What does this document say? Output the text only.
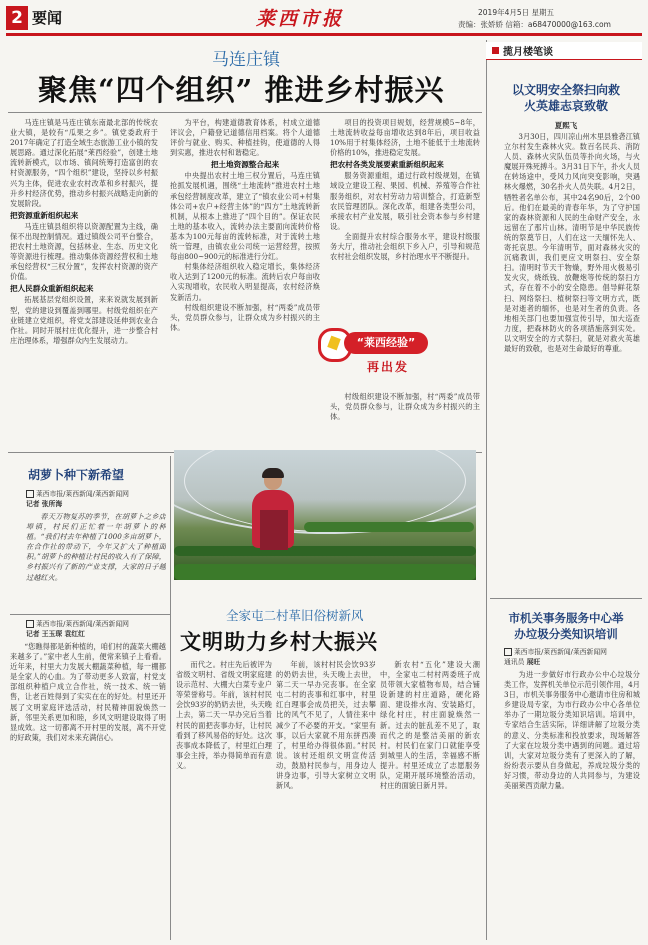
2 要闻	莱西市报	2019年4月5日 星期五
责编：张娇娇 信箱：a68470000@163.com
马连庄镇
聚焦“四个组织” 推进乡村振兴

马连庄镇是马连庄镇东南最北部的传统农业大镇，是较有“瓜果之乡”。镇党委政府于2017年确定了打造全域生态旅游工业小镇的发展思路。通过深化拓展“莱西经验”，创建土地流转新模式，以市场、镇间统筹打造富创的农村资源服务，“四个组织”建设，坚持以乡村振兴为主体，促进农业农村改革和乡村振兴，提升乡村经济优势，推动乡村振兴战略走向新的发展阶段。

把资源重新组织起来

马连庄镇县组织将以资源配置为主线，确保不出现控制情况。通过镇级公司平台整合，把农村土地资源，包括林业、生态、历史文化等资源进行梳理。推动集体资源经营权和土地承包经营权“三权分置”，发挥农村资源的资产价值。

把人民群众重新组织起来

拓展基层党组织设置，来来说就发展到新型，党的建设到覆盖到哪里。村级党组织在产业链建立党组织，将党支部建设延伸到农业合作社。同时开展村庄优化提升，进一步整合村庄治理体系，增强群众内生发展动力。

为平台，构建道德教育体系，村成立道德评议会，户籍登记道德信用档案。将个人道德评价与就业、购买、种植挂钩，使道德的人得到实惠，推进农村和谐稳定。

把土地资源整合起来

中央提出农村土地三权分置后，马连庄镇抢抓发展机遇，围绕“土地流转”推进农村土地承包经营制度改革，建立了“镇农业公司+村集体公司+农户+经营主体”的“四方”土地流转新机制，从根本上推进了“四个目的”。保证农民土地的基本收入，流转办法主要面向流转价格基本为100元每亩的流转标准，对于流转土地统一管理，由镇农业公司统一运营经营，按照每亩800~900元的标准进行分红。

村集体经济组织收入稳定增长，集体经济收入达到了1200元的标准。流转后农户每亩收入实现增收，农民收入明显提高，农村经济焕发新活力。

村级组织建设不断加强，村“两委”成员带头，党员群众参与，让群众成为乡村振兴的主体。

项目的投资项目规划，经营规模5~8年，土地流转收益每亩增收达到8年后，项目收益10%用于村集体经济，土地不能低于土地流转价格的10%，推进稳定发展。

把农村各类发展要素重新组织起来

服务资源重组，通过行政村级规划，在镇域设立建设工程、果园、机械、养殖等合作社服务组织，对农村劳动力培训整合，打造新型农民管理团队。深化改革，组建各类型公司，承接农村产业发展，吸引社会资本参与乡村建设。

全面提升农村综合服务水平，建设村级服务大厅，推动社会组织下乡入户，引导和规范农村社会组织发展，乡村治理水平不断提升。

“莱西经验”
再出发

村级组织建设不断加强，村“两委”成员带头，党员群众参与，让群众成为乡村振兴的主体。

胡萝卜种下新希望
莱西市报/莱西新闻/莱西新闻网
记者 张所海

春天万物复苏的季节，在胡萝卜之乡店埠镇，村民们正忙着一年胡萝卜的种植。“我们村去年种植了1000多亩胡萝卜，在合作社的带动下，今年又扩大了种植面积。”胡萝卜的种植让村民的收入有了保障，乡村振兴有了新的产业支撑，大家的日子越过越红火。

莱西市报/莱西新闻/莱西新闻网
记者 王玉琛 袁红红

“您瞧得都是新种植的，咱们村的蔬菜大棚越来越多了。”家中老人生前，便常来镇子上看看。近年来，村里大力发展大棚蔬菜种植，每一棚都是全家人的心血。为了带动更多人致富，村党支部组织种植户成立合作社，统一技术、统一销售，让老百姓得到了实实在在的好处。村里还开展了文明家庭评选活动，村民精神面貌焕然一新，邻里关系更加和睦，乡风文明建设取得了明显成效。这一切都离不开村里的发展，离不开党的好政策，我们对未来充满信心。

全家屯二村革旧俗树新风
文明助力乡村大振兴

而代之。村庄先后被评为省级文明村、省级文明家庭建设示范村、大棚大白菜专业户等荣誉称号。年前，该村村民会饮93岁的奶奶去世，头天晚上去，第二天一早办完后当着村民的面把丧事办好，让村民看到了移风易俗的好处。这次丧事成本降低了，村里红白理事会主持，举办得简单而有意义。

年前，该村村民会饮93岁的奶奶去世，头天晚上去世，第二天一早办完丧事。在全家屯二村的丧事和红事中，村里红白理事会成员把关，过去攀比的风气不见了，人情往来中减少了不必要的开支。“家里有事，以后大家就不用东拼西凑了，村里给办得很体面。”村民说。该村还组织文明宣传活动，鼓励村民参与，用身边人讲身边事，引导大家树立文明新风。

新农村“五化”建设大潮中，全家屯二村村两委班子成员带领大家植物布局，结合铺设新建的村庄道路，硬化路面、建设排水沟、安装路灯，绿化村庄，村庄面貌焕然一新。过去的脏乱差不见了，取而代之的是整洁美丽的新农村。村民们在家门口就能享受到城里人的生活，幸福感不断提升。村里还成立了志愿服务队，定期开展环境整治活动，村庄的面貌日新月异。

揽月楼笔谈
以文明安全祭扫向救火英雄志哀致敬
夏熙飞

3月30日，四川凉山州木里县雅砻江镇立尔村发生森林火灾。数百名民兵、消防人员、森林火灾队伍员等扑向火场，与火魔展开殊死搏斗。3月31日下午，扑火人员在转场途中，受风力风向突变影响，突遇林火爆燃，30名扑火人员失联。4月2日，牺牲者名单公布，其中24名90后，2个00后。他们在最美的青春年华，为了守护国家的森林资源和人民的生命财产安全，永远留在了那片山林。清明节是中华民族传统的祭奠节日，人们在这一天缅怀先人、寄托哀思。今年清明节，面对森林火灾的沉痛教训，我们更应文明祭扫、安全祭扫。清明时节天干物燥，野外用火极易引发火灾，烧纸钱、放鞭炮等传统的祭扫方式，存在着不小的安全隐患。倡导鲜花祭扫、网络祭扫、植树祭扫等文明方式，既是对逝者的缅怀，也是对生者的负责。各地相关部门也要加强宣传引导，加大巡查力度，把森林防火的各项措施落到实处。以文明安全的方式祭扫，就是对救火英雄最好的致敬，也是对生命最好的尊重。

市机关事务服务中心举办垃圾分类知识培训
莱西市报/莱西新闻/莱西新闻网
通讯员 展旺

为进一步做好市行政办公中心垃圾分类工作，发挥机关单位示范引领作用，4月3日，市机关事务服务中心邀请市住房和城乡建设局专家，为市行政办公中心各单位举办了一期垃圾分类知识培训。培训中，专家结合生活实际，详细讲解了垃圾分类的意义、分类标准和投放要求，现场解答了大家在垃圾分类中遇到的问题。通过培训，大家对垃圾分类有了更深入的了解，纷纷表示要从自身做起，养成垃圾分类的好习惯，带动身边的人共同参与，为建设美丽莱西贡献力量。
